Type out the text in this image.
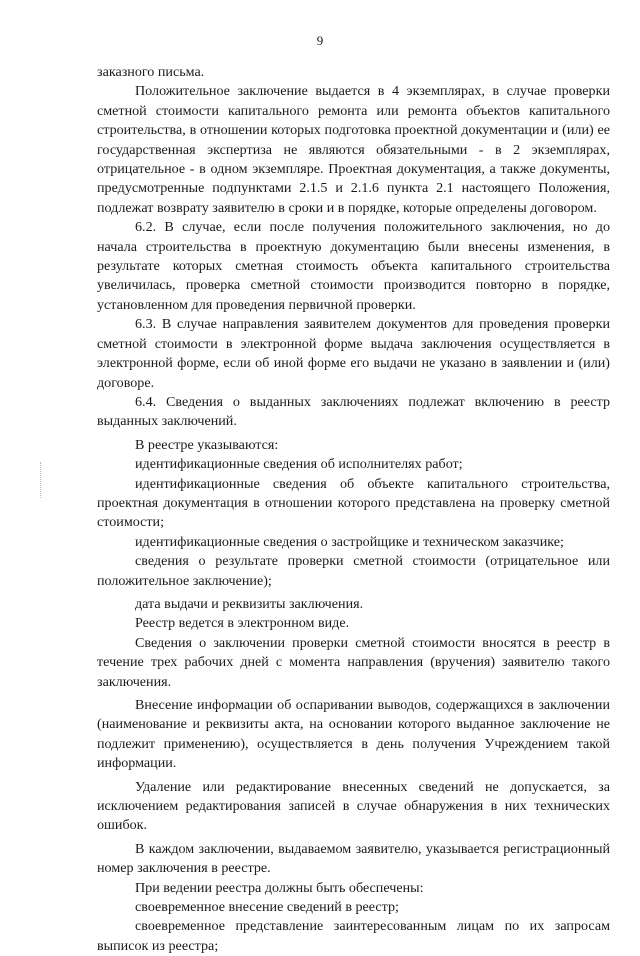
9

заказного письма.

Положительное заключение выдается в 4 экземплярах, в случае проверки сметной стоимости капитального ремонта или ремонта объектов капитального строительства, в отношении которых подготовка проектной документации и (или) ее государственная экспертиза не являются обязательными - в 2 экземплярах, отрицательное - в одном экземпляре. Проектная документация, а также документы, предусмотренные подпунктами 2.1.5 и 2.1.6 пункта 2.1 настоящего Положения, подлежат возврату заявителю в сроки и в порядке, которые определены договором.

6.2. В случае, если после получения положительного заключения, но до начала строительства в проектную документацию были внесены изменения, в результате которых сметная стоимость объекта капитального строительства увеличилась, проверка сметной стоимости производится повторно в порядке, установленном для проведения первичной проверки.

6.3. В случае направления заявителем документов для проведения проверки сметной стоимости в электронной форме выдача заключения осуществляется в электронной форме, если об иной форме его выдачи не указано в заявлении и (или) договоре.

6.4. Сведения о выданных заключениях подлежат включению в реестр выданных заключений.

В реестре указываются:

идентификационные сведения об исполнителях работ;

идентификационные сведения об объекте капитального строительства, проектная документация в отношении которого представлена на проверку сметной стоимости;

идентификационные сведения о застройщике и техническом заказчике;

сведения о результате проверки сметной стоимости (отрицательное или положительное заключение);

дата выдачи и реквизиты заключения.

Реестр ведется в электронном виде.

Сведения о заключении проверки сметной стоимости вносятся в реестр в течение трех рабочих дней с момента направления (вручения) заявителю такого заключения.

Внесение информации об оспаривании выводов, содержащихся в заключении (наименование и реквизиты акта, на основании которого выданное заключение не подлежит применению), осуществляется в день получения Учреждением такой информации.

Удаление или редактирование внесенных сведений не допускается, за исключением редактирования записей в случае обнаружения в них технических ошибок.

В каждом заключении, выдаваемом заявителю, указывается регистрационный номер заключения в реестре.

При ведении реестра должны быть обеспечены:

своевременное внесение сведений в реестр;

своевременное представление заинтересованным лицам по их запросам выписок из реестра;
